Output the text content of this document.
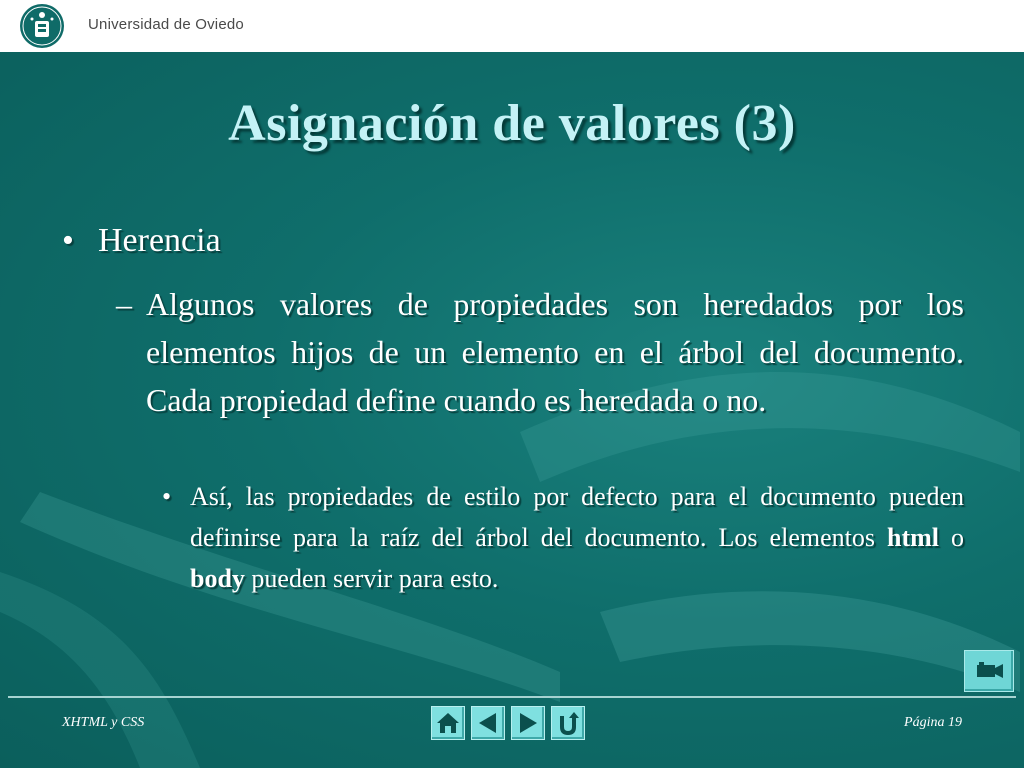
Universidad de Oviedo
Asignación de valores (3)
• Herencia
– Algunos valores de propiedades son heredados por los elementos hijos de un elemento en el árbol del documento. Cada propiedad define cuando es heredada o no.
• Así, las propiedades de estilo por defecto para el documento pueden definirse para la raíz del árbol del documento. Los elementos html o body pueden servir para esto.
XHTML y CSS	Página 19
